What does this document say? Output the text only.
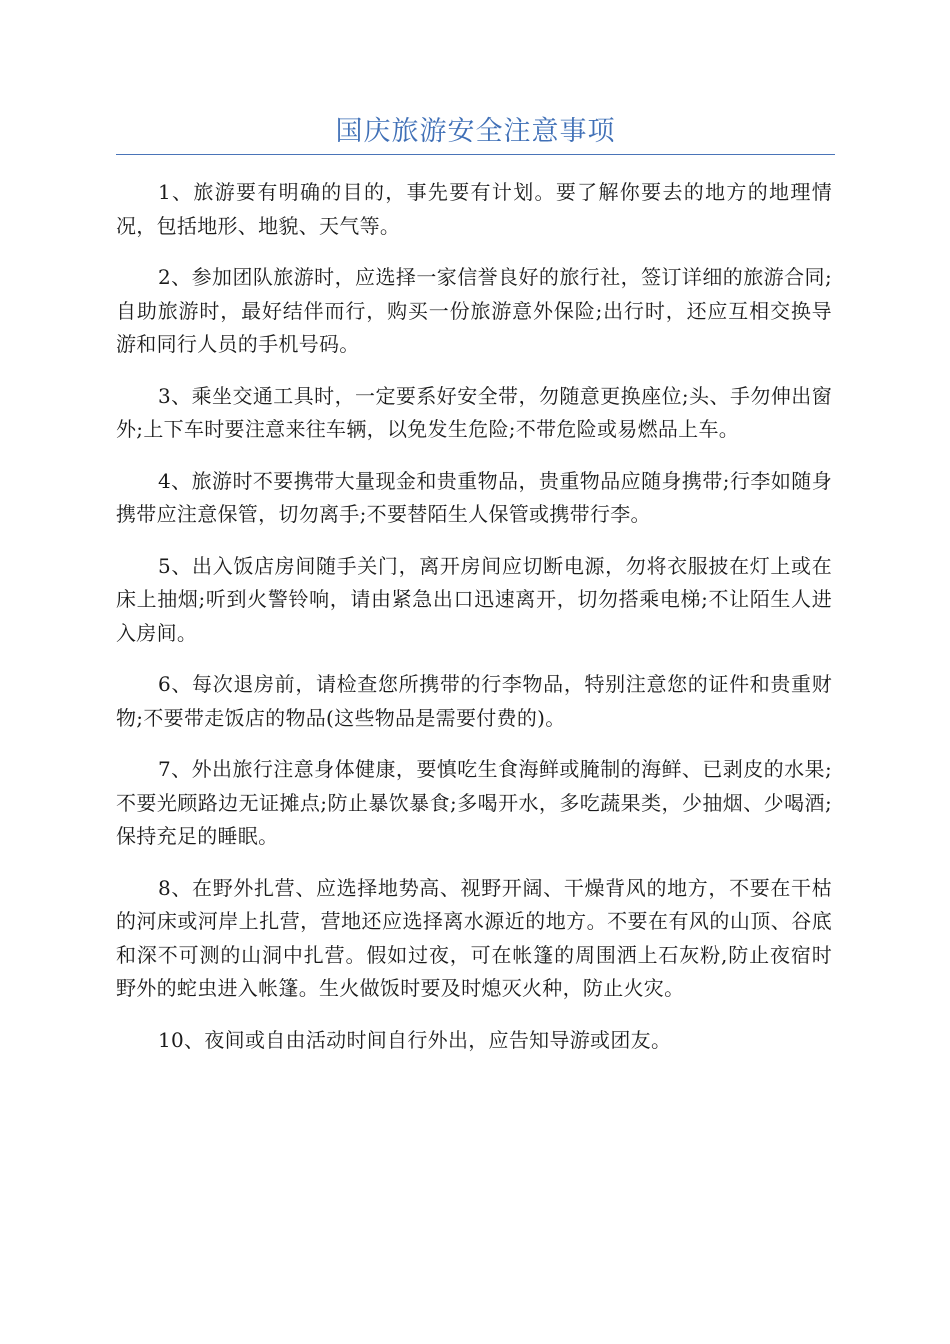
国庆旅游安全注意事项

1、旅游要有明确的目的，事先要有计划。要了解你要去的地方的地理情况，包括地形、地貌、天气等。

2、参加团队旅游时，应选择一家信誉良好的旅行社，签订详细的旅游合同;自助旅游时，最好结伴而行，购买一份旅游意外保险;出行时，还应互相交换导游和同行人员的手机号码。

3、乘坐交通工具时，一定要系好安全带，勿随意更换座位;头、手勿伸出窗外;上下车时要注意来往车辆，以免发生危险;不带危险或易燃品上车。

4、旅游时不要携带大量现金和贵重物品，贵重物品应随身携带;行李如随身携带应注意保管，切勿离手;不要替陌生人保管或携带行李。

5、出入饭店房间随手关门，离开房间应切断电源，勿将衣服披在灯上或在床上抽烟;听到火警铃响，请由紧急出口迅速离开，切勿搭乘电梯;不让陌生人进入房间。

6、每次退房前，请检查您所携带的行李物品，特别注意您的证件和贵重财物;不要带走饭店的物品(这些物品是需要付费的)。

7、外出旅行注意身体健康，要慎吃生食海鲜或腌制的海鲜、已剥皮的水果;不要光顾路边无证摊点;防止暴饮暴食;多喝开水，多吃蔬果类，少抽烟、少喝酒;保持充足的睡眠。

8、在野外扎营、应选择地势高、视野开阔、干燥背风的地方，不要在干枯的河床或河岸上扎营，营地还应选择离水源近的地方。不要在有风的山顶、谷底和深不可测的山洞中扎营。假如过夜，可在帐篷的周围洒上石灰粉,防止夜宿时野外的蛇虫进入帐篷。生火做饭时要及时熄灭火种，防止火灾。

10、夜间或自由活动时间自行外出，应告知导游或团友。
